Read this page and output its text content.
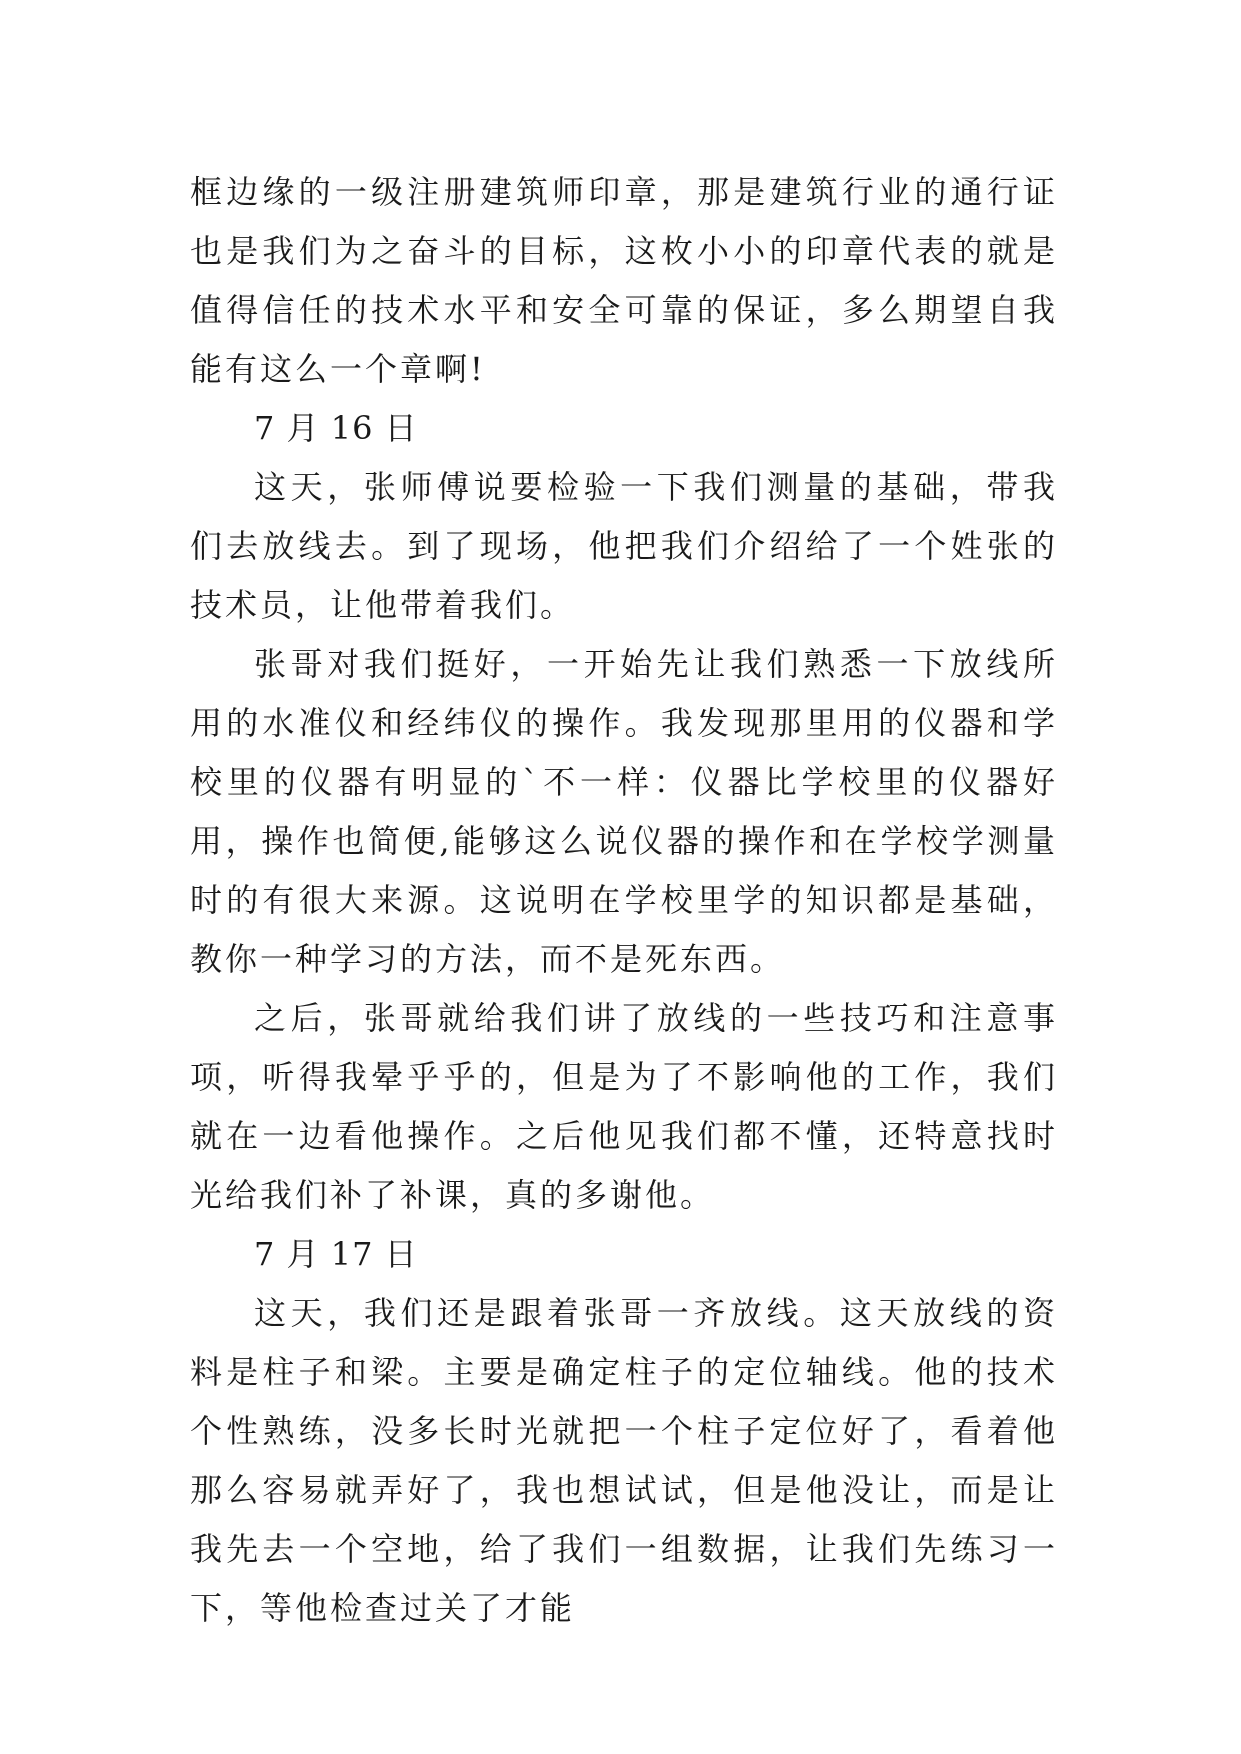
框边缘的一级注册建筑师印章，那是建筑行业的通行证也是我们为之奋斗的目标，这枚小小的印章代表的就是值得信任的技术水平和安全可靠的保证，多么期望自我能有这么一个章啊!

7 月 16 日

这天，张师傅说要检验一下我们测量的基础，带我们去放线去。到了现场，他把我们介绍给了一个姓张的技术员，让他带着我们。

张哥对我们挺好，一开始先让我们熟悉一下放线所用的水准仪和经纬仪的操作。我发现那里用的仪器和学校里的仪器有明显的`不一样：仪器比学校里的仪器好用，操作也简便,能够这么说仪器的操作和在学校学测量时的有很大来源。这说明在学校里学的知识都是基础，教你一种学习的方法，而不是死东西。

之后，张哥就给我们讲了放线的一些技巧和注意事项，听得我晕乎乎的，但是为了不影响他的工作，我们就在一边看他操作。之后他见我们都不懂，还特意找时光给我们补了补课，真的多谢他。

7 月 17 日

这天，我们还是跟着张哥一齐放线。这天放线的资料是柱子和梁。主要是确定柱子的定位轴线。他的技术个性熟练，没多长时光就把一个柱子定位好了，看着他那么容易就弄好了，我也想试试，但是他没让，而是让我先去一个空地，给了我们一组数据，让我们先练习一下，等他检查过关了才能
